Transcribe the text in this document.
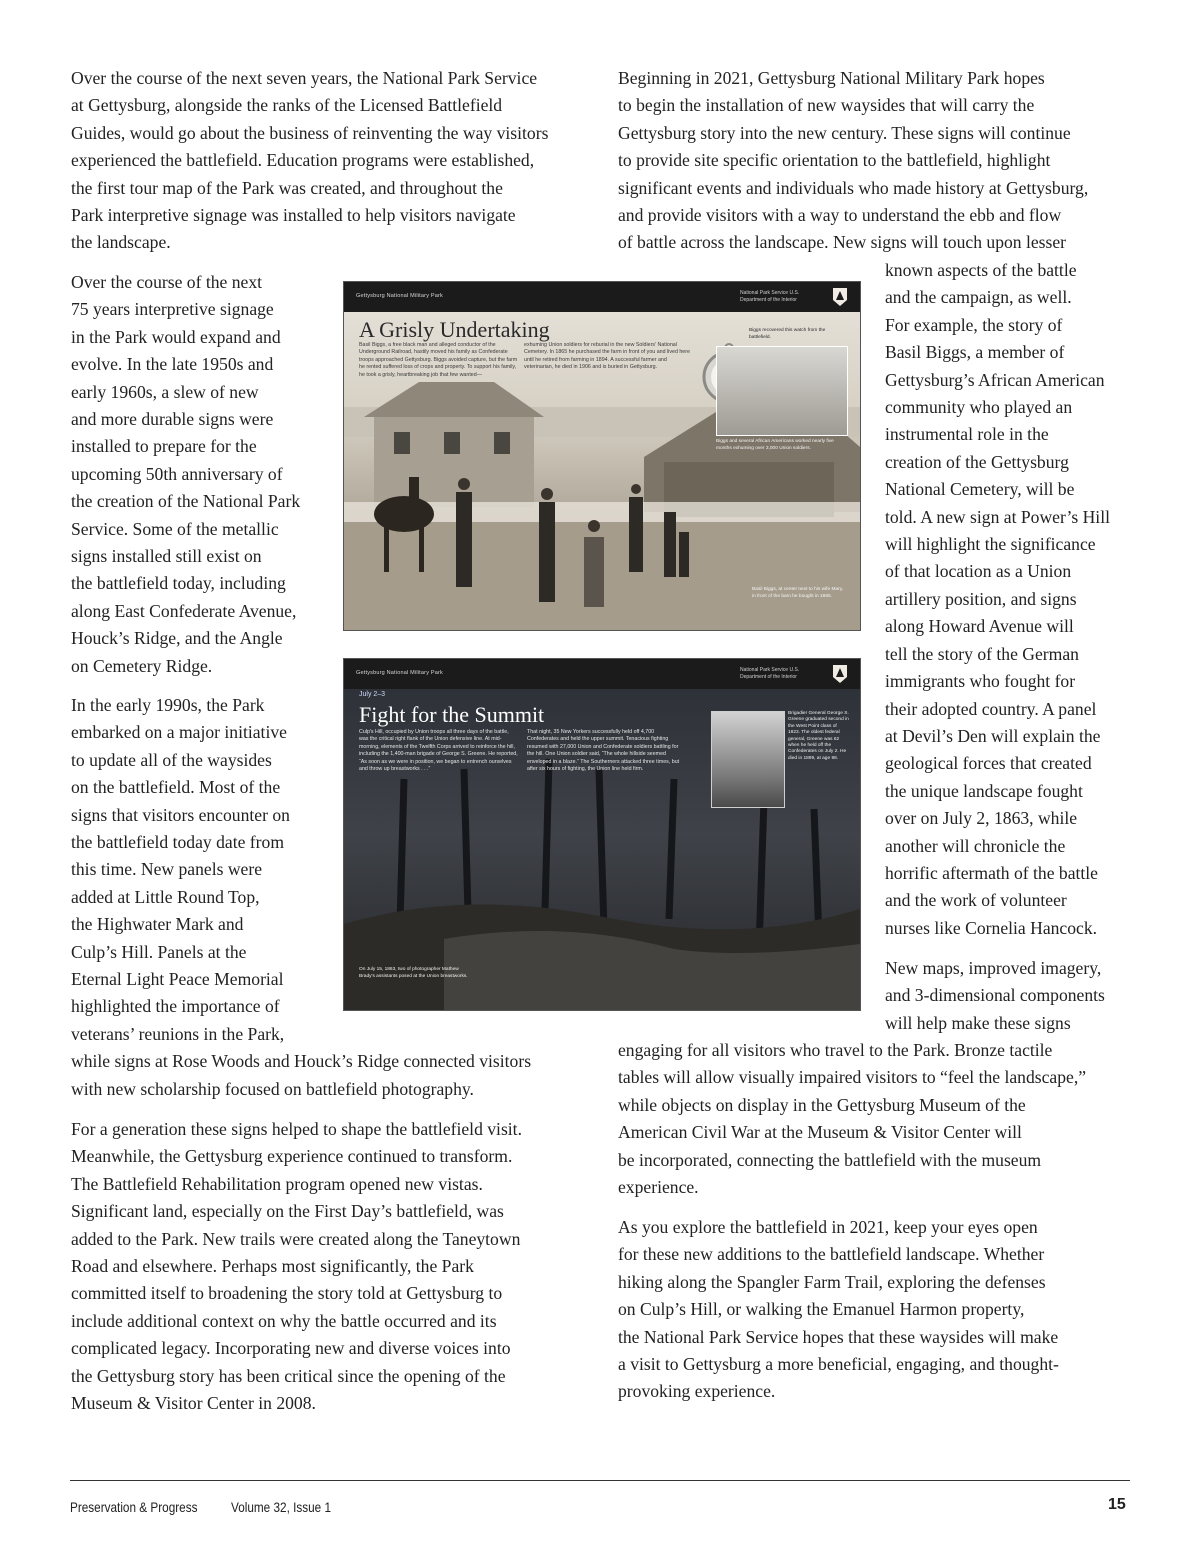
Over the course of the next seven years, the National Park Service
at Gettysburg, alongside the ranks of the Licensed Battlefield
Guides, would go about the business of reinventing the way visitors
experienced the battlefield. Education programs were established,
the first tour map of the Park was created, and throughout the
Park interpretive signage was installed to help visitors navigate
the landscape.
Over the course of the next
75 years interpretive signage
in the Park would expand and
evolve. In the late 1950s and
early 1960s, a slew of new
and more durable signs were
installed to prepare for the
upcoming 50th anniversary of
the creation of the National Park
Service. Some of the metallic
signs installed still exist on
the battlefield today, including
along East Confederate Avenue,
Houck’s Ridge, and the Angle
on Cemetery Ridge.
In the early 1990s, the Park
embarked on a major initiative
to update all of the waysides
on the battlefield. Most of the
signs that visitors encounter on
the battlefield today date from
this time. New panels were
added at Little Round Top,
the Highwater Mark and
Culp’s Hill. Panels at the
Eternal Light Peace Memorial
highlighted the importance of
veterans’ reunions in the Park,
while signs at Rose Woods and Houck’s Ridge connected visitors
with new scholarship focused on battlefield photography.
For a generation these signs helped to shape the battlefield visit.
Meanwhile, the Gettysburg experience continued to transform.
The Battlefield Rehabilitation program opened new vistas.
Significant land, especially on the First Day’s battlefield, was
added to the Park. New trails were created along the Taneytown
Road and elsewhere. Perhaps most significantly, the Park
committed itself to broadening the story told at Gettysburg to
include additional context on why the battle occurred and its
complicated legacy. Incorporating new and diverse voices into
the Gettysburg story has been critical since the opening of the
Museum & Visitor Center in 2008.
Beginning in 2021, Gettysburg National Military Park hopes
to begin the installation of new waysides that will carry the
Gettysburg story into the new century. These signs will continue
to provide site specific orientation to the battlefield, highlight
significant events and individuals who made history at Gettysburg,
and provide visitors with a way to understand the ebb and flow
of battle across the landscape. New signs will touch upon lesser
known aspects of the battle
and the campaign, as well.
For example, the story of
Basil Biggs, a member of
Gettysburg’s African American
community who played an
instrumental role in the
creation of the Gettysburg
National Cemetery, will be
told. A new sign at Power’s Hill
will highlight the significance
of that location as a Union
artillery position, and signs
along Howard Avenue will
tell the story of the German
immigrants who fought for
their adopted country. A panel
at Devil’s Den will explain the
geological forces that created
the unique landscape fought
over on July 2, 1863, while
another will chronicle the
horrific aftermath of the battle
and the work of volunteer
nurses like Cornelia Hancock.
New maps, improved imagery,
and 3-dimensional components
will help make these signs
engaging for all visitors who travel to the Park. Bronze tactile
tables will allow visually impaired visitors to “feel the landscape,”
while objects on display in the Gettysburg Museum of the
American Civil War at the Museum & Visitor Center will
be incorporated, connecting the battlefield with the museum
experience.
As you explore the battlefield in 2021, keep your eyes open
for these new additions to the battlefield landscape. Whether
hiking along the Spangler Farm Trail, exploring the defenses
on Culp’s Hill, or walking the Emanuel Harmon property,
the National Park Service hopes that these waysides will make
a visit to Gettysburg a more beneficial, engaging, and thought-
provoking experience.
Gettysburg National Military Park	National Park Service U.S. Department of the Interior
A Grisly Undertaking
Basil Biggs, a free black man and alleged conductor of the Underground Railroad, hastily moved his family as Confederate troops approached Gettysburg. Biggs avoided capture, but the farm he rented suffered loss of crops and property. To support his family, he took a grisly, heartbreaking job that few wanted—
exhuming Union soldiers for reburial in the new Soldiers' National Cemetery. In 1865 he purchased the farm in front of you and lived here until he retired from farming in 1894. A successful farmer and veterinarian, he died in 1906 and is buried in Gettysburg.
Biggs recovered this watch from the battlefield.
Biggs and several African Americans worked nearly five months exhuming over 3,000 Union soldiers.
Basil Biggs, at center next to his wife Mary, in front of the barn he bought in 1865.
Gettysburg National Military Park	National Park Service U.S. Department of the Interior
July 2–3
Fight for the Summit
Culp's Hill, occupied by Union troops all three days of the battle, was the critical right flank of the Union defensive line. At mid-morning, elements of the Twelfth Corps arrived to reinforce the hill, including the 1,400-man brigade of George S. Greene. He reported, “As soon as we were in position, we began to entrench ourselves and throw up breastworks . . .”
That night, 35 New Yorkers successfully held off 4,700 Confederates and held the upper summit. Tenacious fighting resumed with 27,000 Union and Confederate soldiers battling for the hill. One Union soldier said, “The whole hillside seemed enveloped in a blaze.” The Southerners attacked three times, but after six hours of fighting, the Union line held firm.
Brigadier General George S. Greene graduated second in the West Point class of 1823. The oldest federal general, Greene was 62 when he held off the Confederates on July 2. He died in 1899, at age 98.
On July 15, 1863, two of photographer Mathew Brady's assistants posed at the Union breastworks.
Preservation & Progress Volume 32, Issue 1	15
